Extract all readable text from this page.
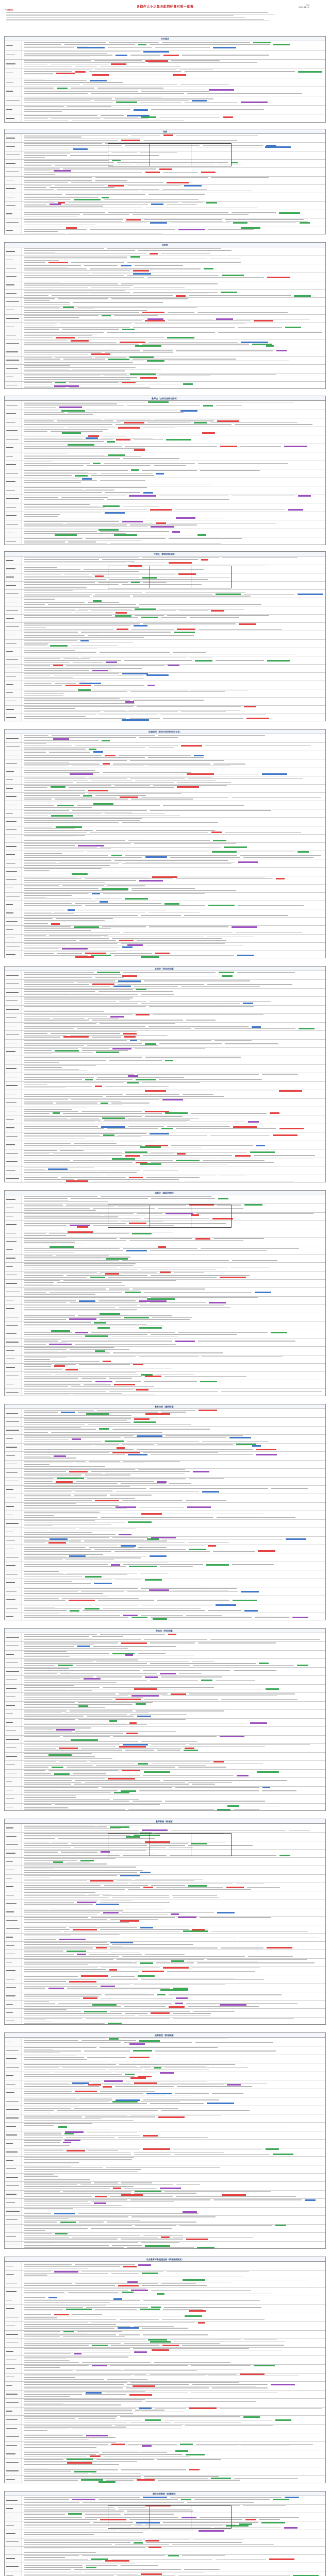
各组件大小之最各组网标准对照一览表	V1.0
(2020-12-10)
写在前面的话
中央委员
民族
总则则
教师法（公务员法律对照表）
行政处（教师资格条件）
法律的权（党员与党员的权利义务）
总规定（劳动法实施）
体制化（国际法规定）
教育法规（建筑教育）
劳动法（劳动法律）
教师资格（教育法）
规章制度（教育制度）
社会教育对象组建法规（教育法规规定）
建设法规制度（组建规则）
